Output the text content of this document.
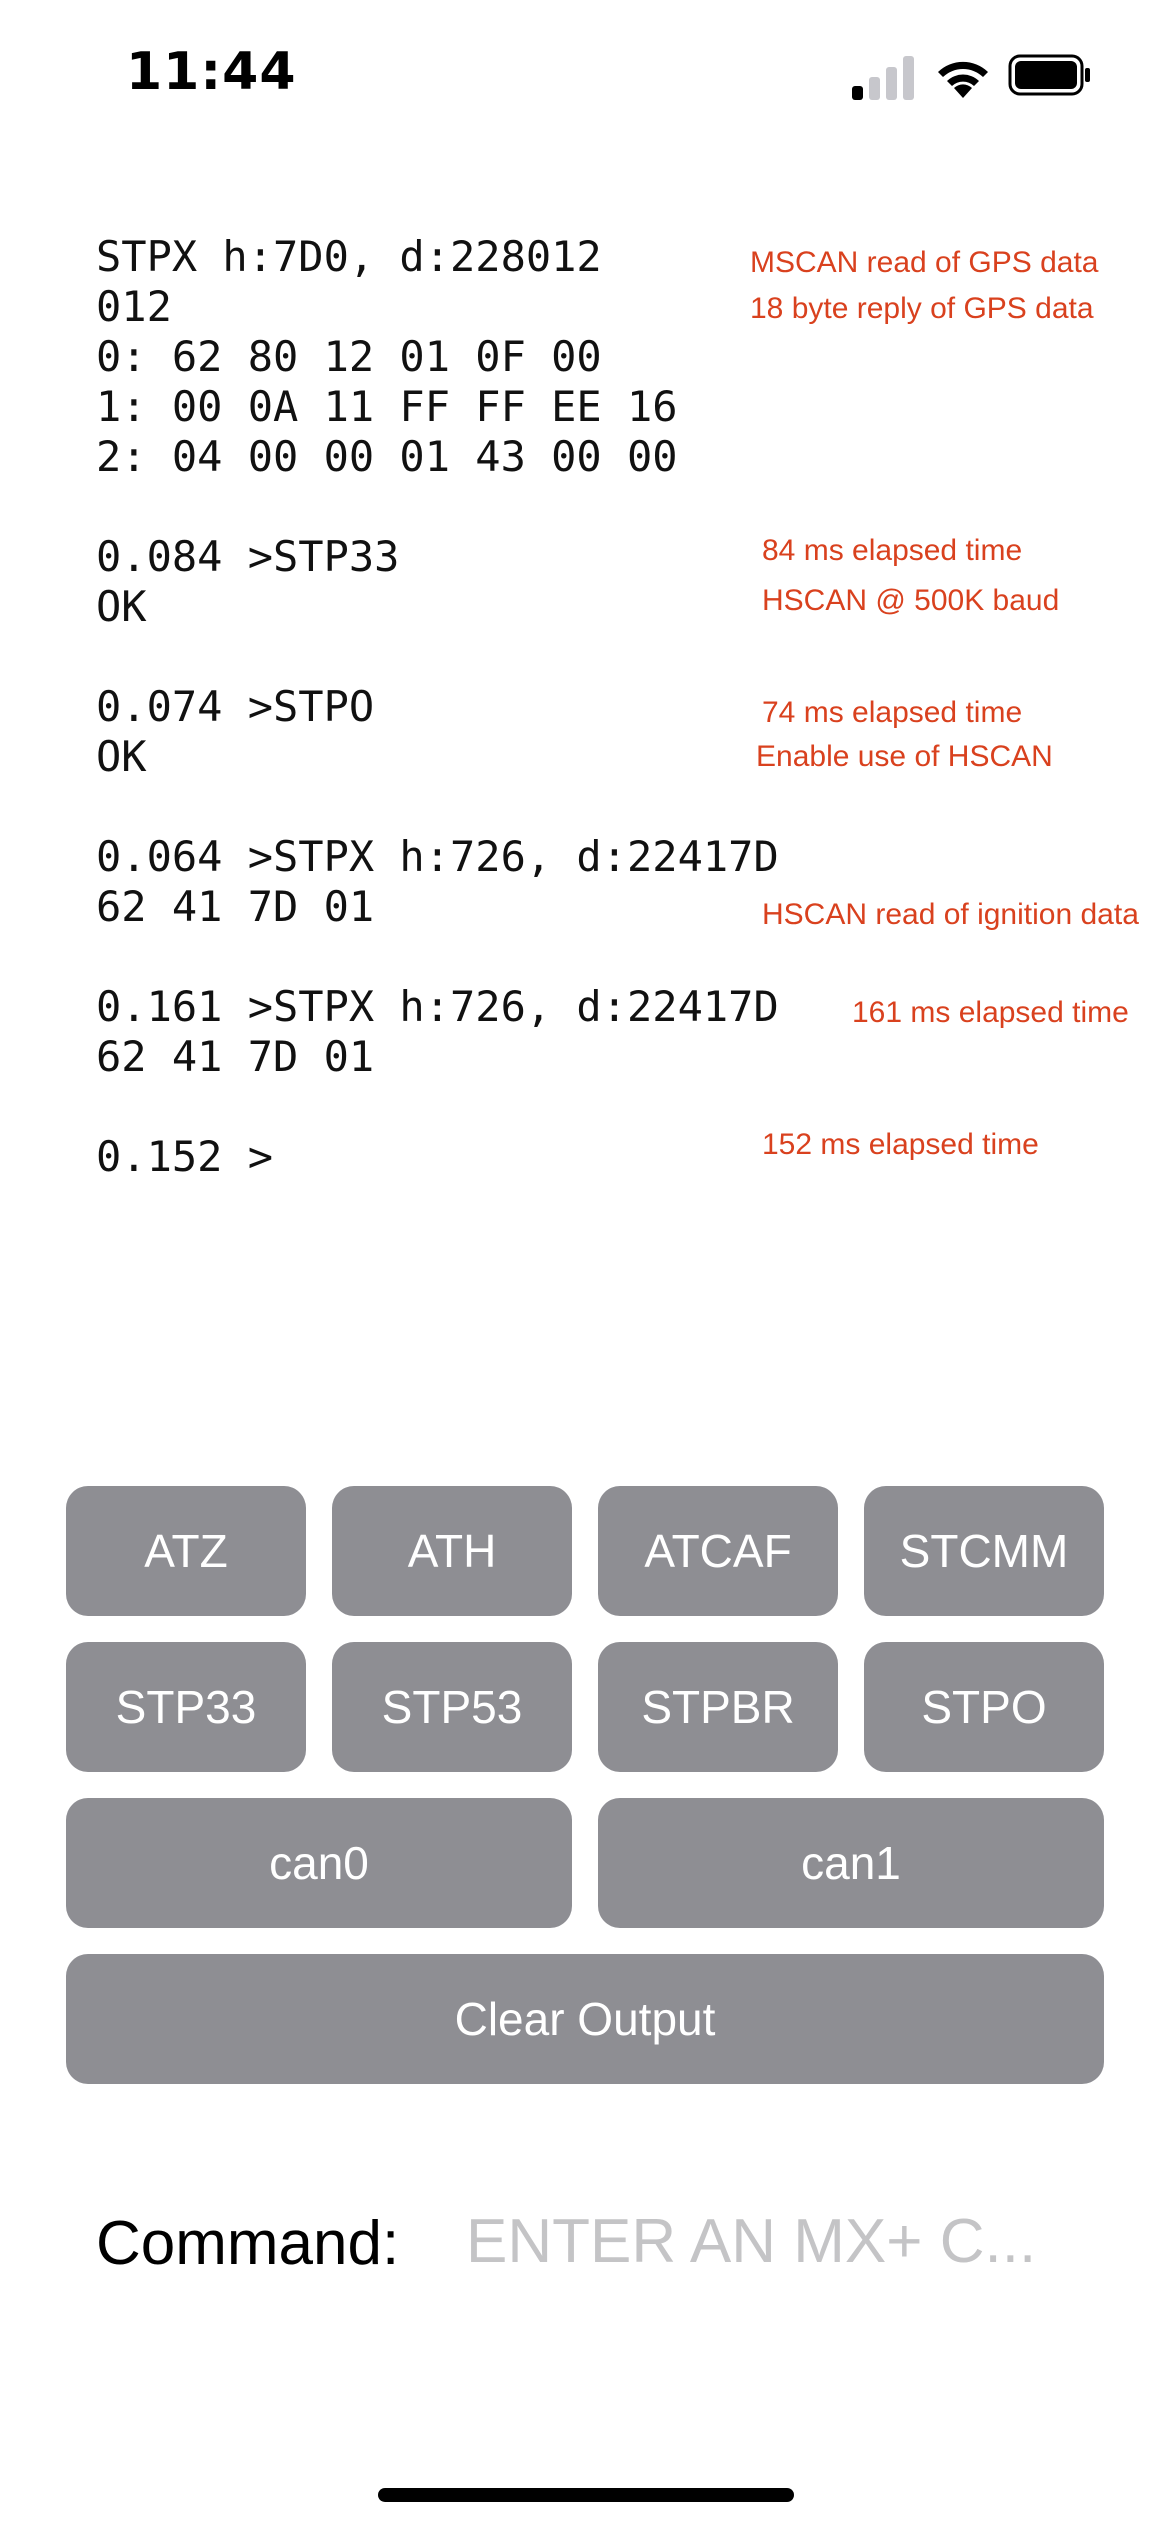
11:44

STPX h:7D0, d:228012

012

0: 62 80 12 01 0F 00

1: 00 0A 11 FF FF EE 16

2: 04 00 00 01 43 00 00

0.084 >STP33

OK

0.074 >STPO

OK

0.064 >STPX h:726, d:22417D

62 41 7D 01

0.161 >STPX h:726, d:22417D

62 41 7D 01

0.152 >

MSCAN read of GPS data
18 byte reply of GPS data
84 ms elapsed time
HSCAN @ 500K baud
74 ms elapsed time
Enable use of HSCAN
HSCAN read of ignition data
161 ms elapsed time
152 ms elapsed time
ATZ	ATH	ATCAF	STCMM
STP33	STP53	STPBR	STPO
can0	can1
Clear Output
Command:
ENTER AN MX+ C...
